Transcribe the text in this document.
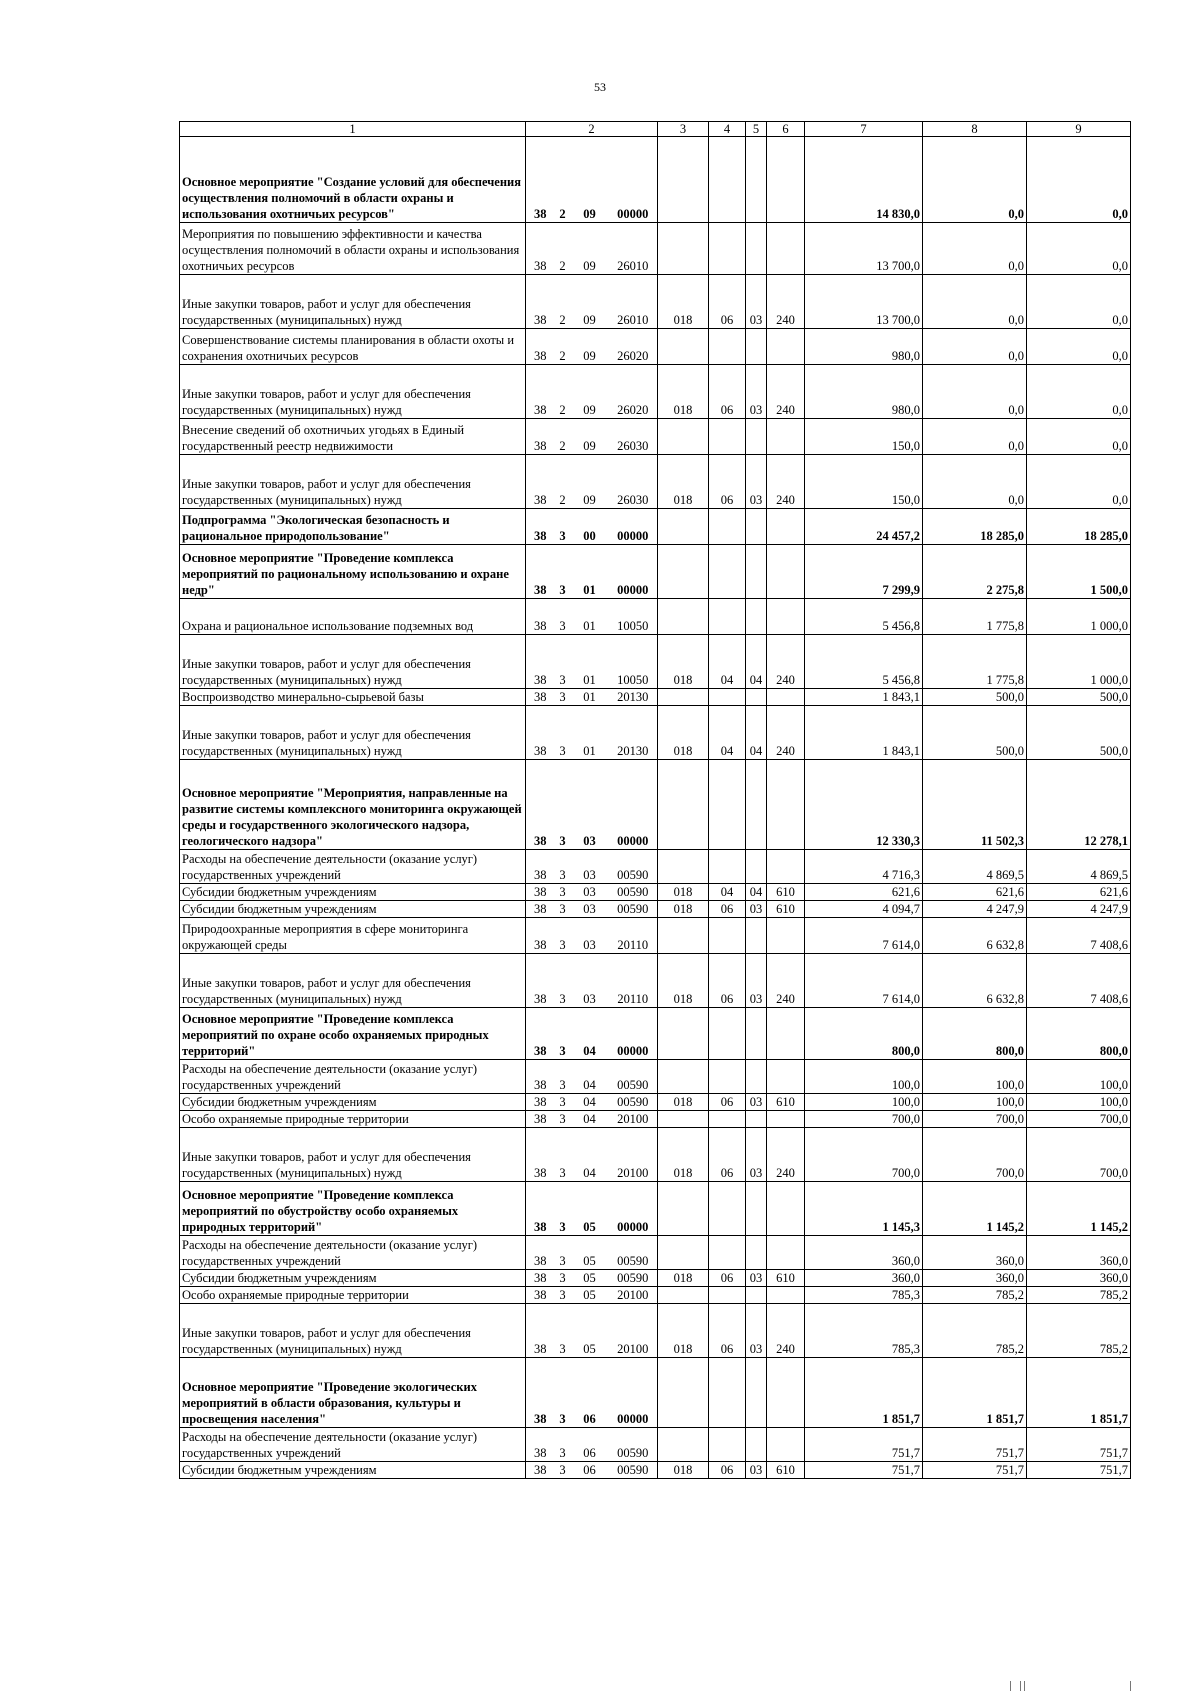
53
1	2				3	4	5	6	7	8	9
Основное мероприятие "Создание условий для обеспечения осуществления полномочий в области охраны и использования охотничьих ресурсов"	38	2	09	00000					14 830,0	0,0	0,0
Мероприятия по повышению эффективности и качества осуществления полномочий в области охраны и использования охотничьих ресурсов	38	2	09	26010					13 700,0	0,0	0,0
Иные закупки товаров, работ и услуг для обеспечения государственных (муниципальных) нужд	38	2	09	26010	018	06	03	240	13 700,0	0,0	0,0
Совершенствование системы планирования в области охоты и сохранения охотничьих ресурсов	38	2	09	26020					980,0	0,0	0,0
Иные закупки товаров, работ и услуг для обеспечения государственных (муниципальных) нужд	38	2	09	26020	018	06	03	240	980,0	0,0	0,0
Внесение сведений об охотничьих угодьях в Единый государственный реестр недвижимости	38	2	09	26030					150,0	0,0	0,0
Иные закупки товаров, работ и услуг для обеспечения государственных (муниципальных) нужд	38	2	09	26030	018	06	03	240	150,0	0,0	0,0
Подпрограмма "Экологическая безопасность и рациональное природопользование"	38	3	00	00000					24 457,2	18 285,0	18 285,0
Основное мероприятие "Проведение комплекса мероприятий по рациональному использованию и охране недр"	38	3	01	00000					7 299,9	2 275,8	1 500,0
Охрана и рациональное использование подземных вод	38	3	01	10050					5 456,8	1 775,8	1 000,0
Иные закупки товаров, работ и услуг для обеспечения государственных (муниципальных) нужд	38	3	01	10050	018	04	04	240	5 456,8	1 775,8	1 000,0
Воспроизводство минерально-сырьевой базы	38	3	01	20130					1 843,1	500,0	500,0
Иные закупки товаров, работ и услуг для обеспечения государственных (муниципальных) нужд	38	3	01	20130	018	04	04	240	1 843,1	500,0	500,0
Основное мероприятие "Мероприятия, направленные на развитие системы комплексного мониторинга окружающей среды и государственного экологического надзора, геологического надзора"	38	3	03	00000					12 330,3	11 502,3	12 278,1
Расходы на обеспечение деятельности (оказание услуг) государственных учреждений	38	3	03	00590					4 716,3	4 869,5	4 869,5
Субсидии бюджетным учреждениям	38	3	03	00590	018	04	04	610	621,6	621,6	621,6
Субсидии бюджетным учреждениям	38	3	03	00590	018	06	03	610	4 094,7	4 247,9	4 247,9
Природоохранные мероприятия в сфере мониторинга окружающей среды	38	3	03	20110					7 614,0	6 632,8	7 408,6
Иные закупки товаров, работ и услуг для обеспечения государственных (муниципальных) нужд	38	3	03	20110	018	06	03	240	7 614,0	6 632,8	7 408,6
Основное мероприятие "Проведение комплекса мероприятий по охране особо охраняемых природных территорий"	38	3	04	00000					800,0	800,0	800,0
Расходы на обеспечение деятельности (оказание услуг) государственных учреждений	38	3	04	00590					100,0	100,0	100,0
Субсидии бюджетным учреждениям	38	3	04	00590	018	06	03	610	100,0	100,0	100,0
Особо охраняемые природные территории	38	3	04	20100					700,0	700,0	700,0
Иные закупки товаров, работ и услуг для обеспечения государственных (муниципальных) нужд	38	3	04	20100	018	06	03	240	700,0	700,0	700,0
Основное мероприятие "Проведение комплекса мероприятий по обустройству особо охраняемых природных территорий"	38	3	05	00000					1 145,3	1 145,2	1 145,2
Расходы на обеспечение деятельности (оказание услуг) государственных учреждений	38	3	05	00590					360,0	360,0	360,0
Субсидии бюджетным учреждениям	38	3	05	00590	018	06	03	610	360,0	360,0	360,0
Особо охраняемые природные территории	38	3	05	20100					785,3	785,2	785,2
Иные закупки товаров, работ и услуг для обеспечения государственных (муниципальных) нужд	38	3	05	20100	018	06	03	240	785,3	785,2	785,2
Основное мероприятие "Проведение экологических мероприятий в области образования, культуры и просвещения населения"	38	3	06	00000					1 851,7	1 851,7	1 851,7
Расходы на обеспечение деятельности (оказание услуг) государственных учреждений	38	3	06	00590					751,7	751,7	751,7
Субсидии бюджетным учреждениям	38	3	06	00590	018	06	03	610	751,7	751,7	751,7
